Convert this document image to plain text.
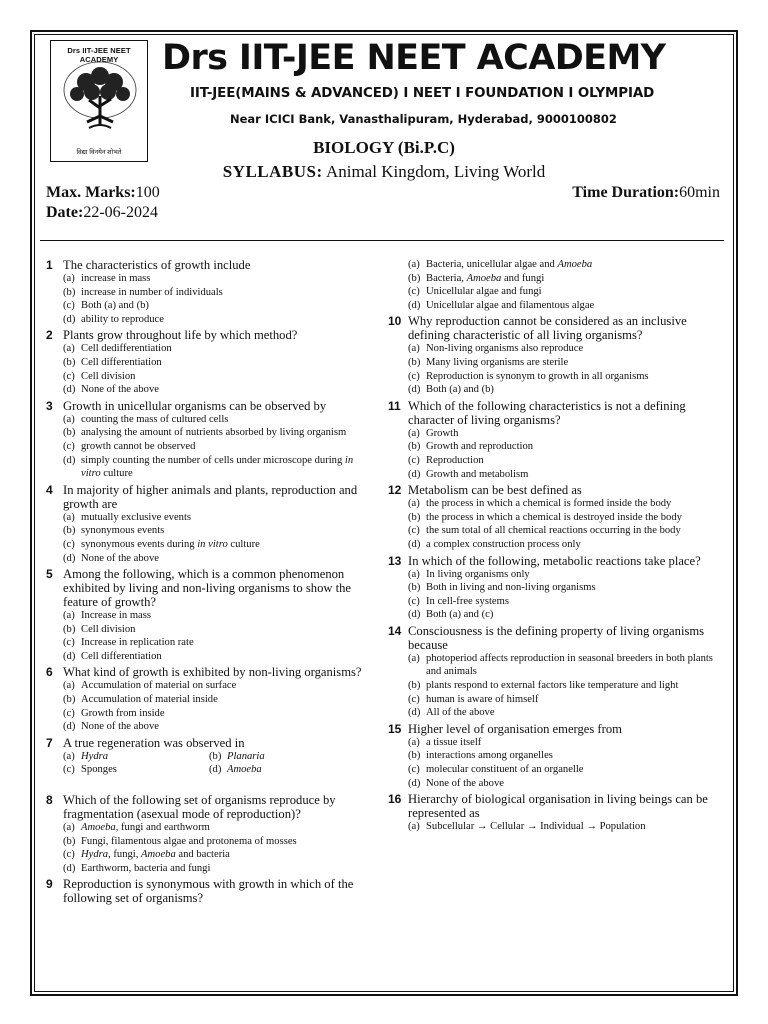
Drs IIT-JEE NEET ACADEMY
विद्या विनयेन शोभते
Drs IIT-JEE NEET ACADEMY
IIT-JEE(MAINS & ADVANCED) I NEET I FOUNDATION I OLYMPIAD
Near ICICI Bank, Vanasthalipuram, Hyderabad, 9000100802
BIOLOGY (Bi.P.C)
SYLLABUS: Animal Kingdom, Living World
Max. Marks:100	Time Duration:60min
Date:22-06-2024
1 The characteristics of growth include
(a) increase in mass
(b) increase in number of individuals
(c) Both (a) and (b)
(d) ability to reproduce
2 Plants grow throughout life by which method?
(a) Cell dedifferentiation
(b) Cell differentiation
(c) Cell division
(d) None of the above
3 Growth in unicellular organisms can be observed by
(a) counting the mass of cultured cells
(b) analysing the amount of nutrients absorbed by living organism
(c) growth cannot be observed
(d) simply counting the number of cells under microscope during in vitro culture
4 In majority of higher animals and plants, reproduction and growth are
(a) mutually exclusive events
(b) synonymous events
(c) synonymous events during in vitro culture
(d) None of the above
5 Among the following, which is a common phenomenon exhibited by living and non-living organisms to show the feature of growth?
(a) Increase in mass
(b) Cell division
(c) Increase in replication rate
(d) Cell differentiation
6 What kind of growth is exhibited by non-living organisms?
(a) Accumulation of material on surface
(b) Accumulation of material inside
(c) Growth from inside
(d) None of the above
7 A true regeneration was observed in
(a) Hydra	(b) Planaria
(c) Sponges	(d) Amoeba
8 Which of the following set of organisms reproduce by fragmentation (asexual mode of reproduction)?
(a) Amoeba, fungi and earthworm
(b) Fungi, filamentous algae and protonema of mosses
(c) Hydra, fungi, Amoeba and bacteria
(d) Earthworm, bacteria and fungi
9 Reproduction is synonymous with growth in which of the following set of organisms?
(a) Bacteria, unicellular algae and Amoeba
(b) Bacteria, Amoeba and fungi
(c) Unicellular algae and fungi
(d) Unicellular algae and filamentous algae
10 Why reproduction cannot be considered as an inclusive defining characteristic of all living organisms?
(a) Non-living organisms also reproduce
(b) Many living organisms are sterile
(c) Reproduction is synonym to growth in all organisms
(d) Both (a) and (b)
11 Which of the following characteristics is not a defining character of living organisms?
(a) Growth
(b) Growth and reproduction
(c) Reproduction
(d) Growth and metabolism
12 Metabolism can be best defined as
(a) the process in which a chemical is formed inside the body
(b) the process in which a chemical is destroyed inside the body
(c) the sum total of all chemical reactions occurring in the body
(d) a complex construction process only
13 In which of the following, metabolic reactions take place?
(a) In living organisms only
(b) Both in living and non-living organisms
(c) In cell-free systems
(d) Both (a) and (c)
14 Consciousness is the defining property of living organisms because
(a) photoperiod affects reproduction in seasonal breeders in both plants and animals
(b) plants respond to external factors like temperature and light
(c) human is aware of himself
(d) All of the above
15 Higher level of organisation emerges from
(a) a tissue itself
(b) interactions among organelles
(c) molecular constituent of an organelle
(d) None of the above
16 Hierarchy of biological organisation in living beings can be represented as
(a) Subcellular → Cellular → Individual → Population
